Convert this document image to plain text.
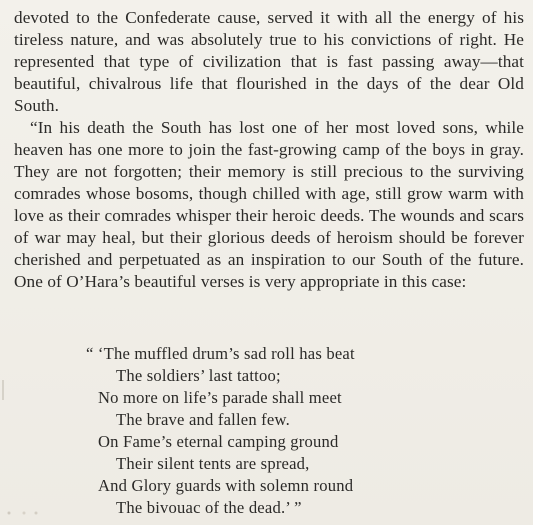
devoted to the Confederate cause, served it with all the energy of his tireless nature, and was absolutely true to his convictions of right. He represented that type of civilization that is fast passing away—that beautiful, chivalrous life that flourished in the days of the dear Old South.

“In his death the South has lost one of her most loved sons, while heaven has one more to join the fast-growing camp of the boys in gray. They are not forgotten; their memory is still precious to the surviving comrades whose bosoms, though chilled with age, still grow warm with love as their comrades whisper their heroic deeds. The wounds and scars of war may heal, but their glorious deeds of heroism should be forever cherished and perpetuated as an inspiration to our South of the future. One of O’Hara’s beautiful verses is very appropriate in this case:

“ ‘The muffled drum’s sad roll has beat
The soldiers’ last tattoo;
No more on life’s parade shall meet
The brave and fallen few.
On Fame’s eternal camping ground
Their silent tents are spread,
And Glory guards with solemn round
The bivouac of the dead.’ ”
